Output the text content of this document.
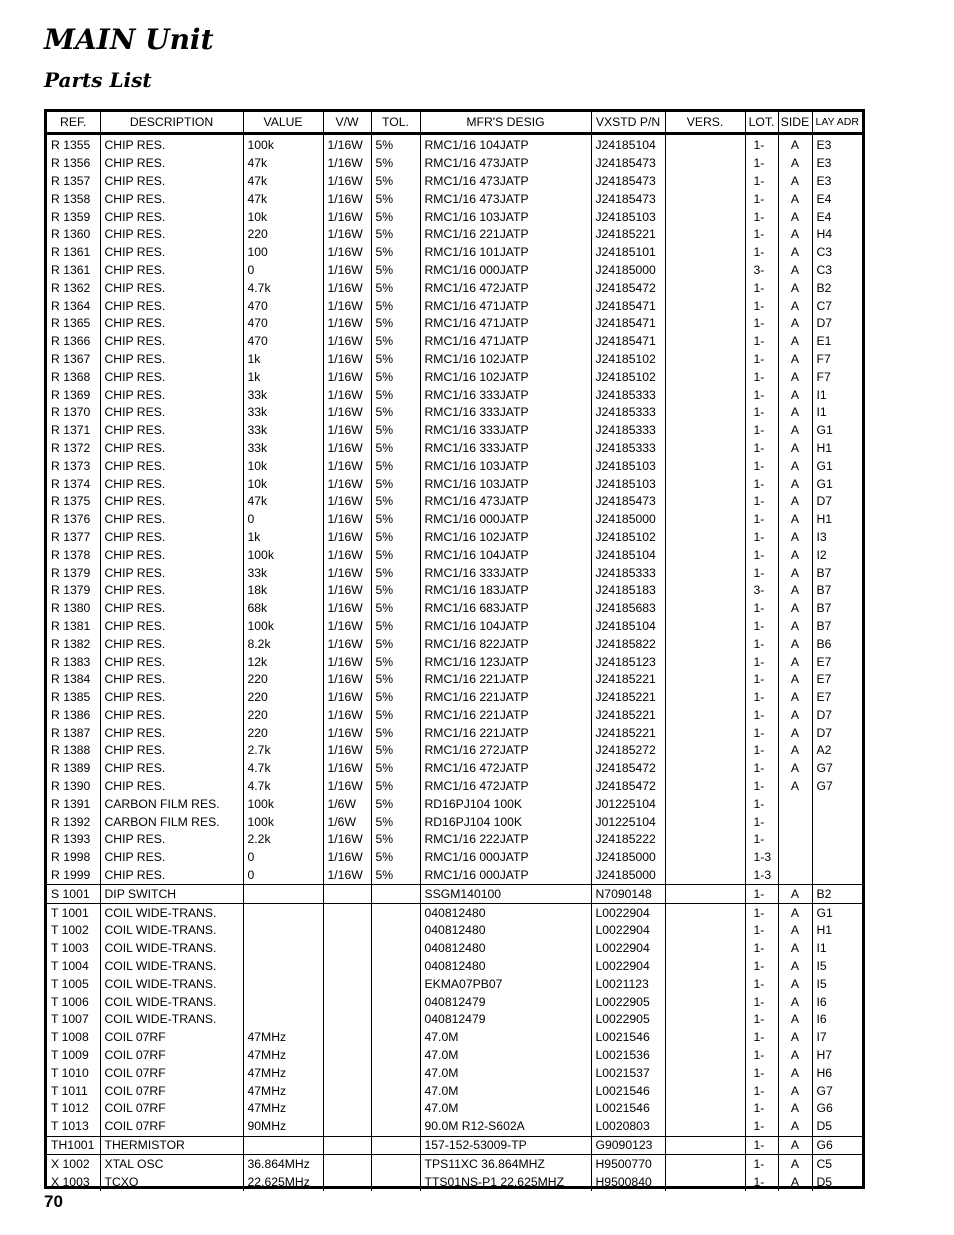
MAIN Unit
Parts List
REF.	DESCRIPTION	VALUE	V/W	TOL.	MFR'S DESIG	VXSTD P/N	VERS.	LOT.	SIDE	LAY ADR
R 1355	CHIP RES.	100k	1/16W	5%	RMC1/16 104JATP	J24185104		1-	A	E3
R 1356	CHIP RES.	47k	1/16W	5%	RMC1/16 473JATP	J24185473		1-	A	E3
R 1357	CHIP RES.	47k	1/16W	5%	RMC1/16 473JATP	J24185473		1-	A	E3
R 1358	CHIP RES.	47k	1/16W	5%	RMC1/16 473JATP	J24185473		1-	A	E4
R 1359	CHIP RES.	10k	1/16W	5%	RMC1/16 103JATP	J24185103		1-	A	E4
R 1360	CHIP RES.	220	1/16W	5%	RMC1/16 221JATP	J24185221		1-	A	H4
R 1361	CHIP RES.	100	1/16W	5%	RMC1/16 101JATP	J24185101		1-	A	C3
R 1361	CHIP RES.	0	1/16W	5%	RMC1/16 000JATP	J24185000		3-	A	C3
R 1362	CHIP RES.	4.7k	1/16W	5%	RMC1/16 472JATP	J24185472		1-	A	B2
R 1364	CHIP RES.	470	1/16W	5%	RMC1/16 471JATP	J24185471		1-	A	C7
R 1365	CHIP RES.	470	1/16W	5%	RMC1/16 471JATP	J24185471		1-	A	D7
R 1366	CHIP RES.	470	1/16W	5%	RMC1/16 471JATP	J24185471		1-	A	E1
R 1367	CHIP RES.	1k	1/16W	5%	RMC1/16 102JATP	J24185102		1-	A	F7
R 1368	CHIP RES.	1k	1/16W	5%	RMC1/16 102JATP	J24185102		1-	A	F7
R 1369	CHIP RES.	33k	1/16W	5%	RMC1/16 333JATP	J24185333		1-	A	I1
R 1370	CHIP RES.	33k	1/16W	5%	RMC1/16 333JATP	J24185333		1-	A	I1
R 1371	CHIP RES.	33k	1/16W	5%	RMC1/16 333JATP	J24185333		1-	A	G1
R 1372	CHIP RES.	33k	1/16W	5%	RMC1/16 333JATP	J24185333		1-	A	H1
R 1373	CHIP RES.	10k	1/16W	5%	RMC1/16 103JATP	J24185103		1-	A	G1
R 1374	CHIP RES.	10k	1/16W	5%	RMC1/16 103JATP	J24185103		1-	A	G1
R 1375	CHIP RES.	47k	1/16W	5%	RMC1/16 473JATP	J24185473		1-	A	D7
R 1376	CHIP RES.	0	1/16W	5%	RMC1/16 000JATP	J24185000		1-	A	H1
R 1377	CHIP RES.	1k	1/16W	5%	RMC1/16 102JATP	J24185102		1-	A	I3
R 1378	CHIP RES.	100k	1/16W	5%	RMC1/16 104JATP	J24185104		1-	A	I2
R 1379	CHIP RES.	33k	1/16W	5%	RMC1/16 333JATP	J24185333		1-	A	B7
R 1379	CHIP RES.	18k	1/16W	5%	RMC1/16 183JATP	J24185183		3-	A	B7
R 1380	CHIP RES.	68k	1/16W	5%	RMC1/16 683JATP	J24185683		1-	A	B7
R 1381	CHIP RES.	100k	1/16W	5%	RMC1/16 104JATP	J24185104		1-	A	B7
R 1382	CHIP RES.	8.2k	1/16W	5%	RMC1/16 822JATP	J24185822		1-	A	B6
R 1383	CHIP RES.	12k	1/16W	5%	RMC1/16 123JATP	J24185123		1-	A	E7
R 1384	CHIP RES.	220	1/16W	5%	RMC1/16 221JATP	J24185221		1-	A	E7
R 1385	CHIP RES.	220	1/16W	5%	RMC1/16 221JATP	J24185221		1-	A	E7
R 1386	CHIP RES.	220	1/16W	5%	RMC1/16 221JATP	J24185221		1-	A	D7
R 1387	CHIP RES.	220	1/16W	5%	RMC1/16 221JATP	J24185221		1-	A	D7
R 1388	CHIP RES.	2.7k	1/16W	5%	RMC1/16 272JATP	J24185272		1-	A	A2
R 1389	CHIP RES.	4.7k	1/16W	5%	RMC1/16 472JATP	J24185472		1-	A	G7
R 1390	CHIP RES.	4.7k	1/16W	5%	RMC1/16 472JATP	J24185472		1-	A	G7
R 1391	CARBON FILM RES.	100k	1/6W	5%	RD16PJ104 100K	J01225104		1-		
R 1392	CARBON FILM RES.	100k	1/6W	5%	RD16PJ104 100K	J01225104		1-		
R 1393	CHIP RES.	2.2k	1/16W	5%	RMC1/16 222JATP	J24185222		1-		
R 1998	CHIP RES.	0	1/16W	5%	RMC1/16 000JATP	J24185000		1-3		
R 1999	CHIP RES.	0	1/16W	5%	RMC1/16 000JATP	J24185000		1-3		
S 1001	DIP SWITCH				SSGM140100	N7090148		1-	A	B2
T 1001	COIL WIDE-TRANS.				040812480	L0022904		1-	A	G1
T 1002	COIL WIDE-TRANS.				040812480	L0022904		1-	A	H1
T 1003	COIL WIDE-TRANS.				040812480	L0022904		1-	A	I1
T 1004	COIL WIDE-TRANS.				040812480	L0022904		1-	A	I5
T 1005	COIL WIDE-TRANS.				EKMA07PB07	L0021123		1-	A	I5
T 1006	COIL WIDE-TRANS.				040812479	L0022905		1-	A	I6
T 1007	COIL WIDE-TRANS.				040812479	L0022905		1-	A	I6
T 1008	COIL 07RF	47MHz			47.0M	L0021546		1-	A	I7
T 1009	COIL 07RF	47MHz			47.0M	L0021536		1-	A	H7
T 1010	COIL 07RF	47MHz			47.0M	L0021537		1-	A	H6
T 1011	COIL 07RF	47MHz			47.0M	L0021546		1-	A	G7
T 1012	COIL 07RF	47MHz			47.0M	L0021546		1-	A	G6
T 1013	COIL 07RF	90MHz			90.0M R12-S602A	L0020803		1-	A	D5
TH1001	THERMISTOR				157-152-53009-TP	G9090123		1-	A	G6
X 1002	XTAL OSC	36.864MHz			TPS11XC 36.864MHZ	H9500770		1-	A	C5
X 1003	TCXO	22.625MHz			TTS01NS-P1 22.625MHZ	H9500840		1-	A	D5
70
